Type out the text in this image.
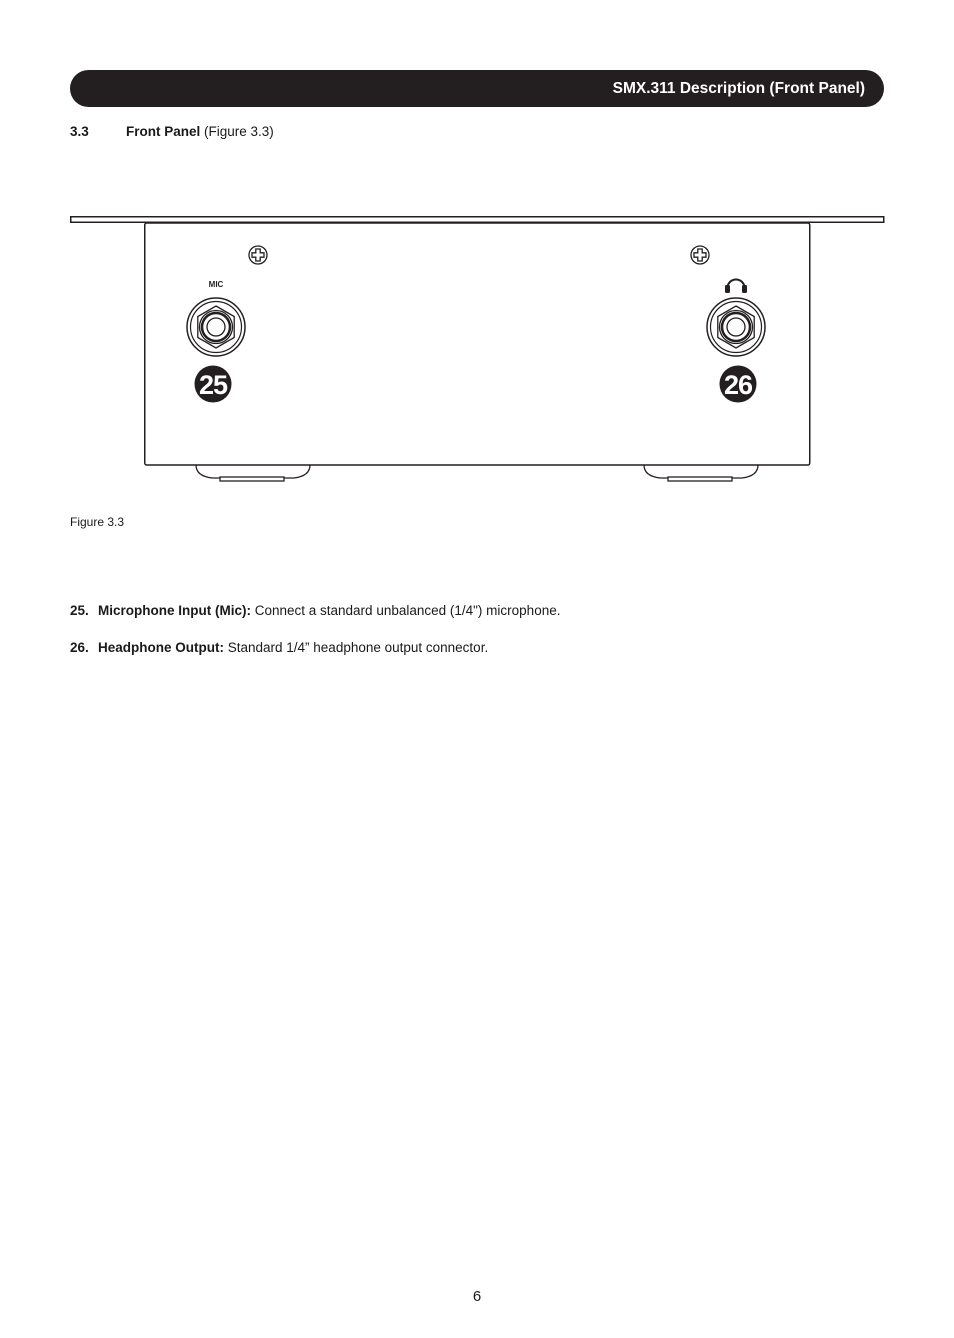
SMX.311 Description (Front Panel)
3.3	Front Panel (Figure 3.3)
MIC
25	26
Figure 3.3
25. Microphone Input (Mic): Connect a standard unbalanced (1/4") microphone.
26. Headphone Output: Standard 1/4” headphone output connector.
6
